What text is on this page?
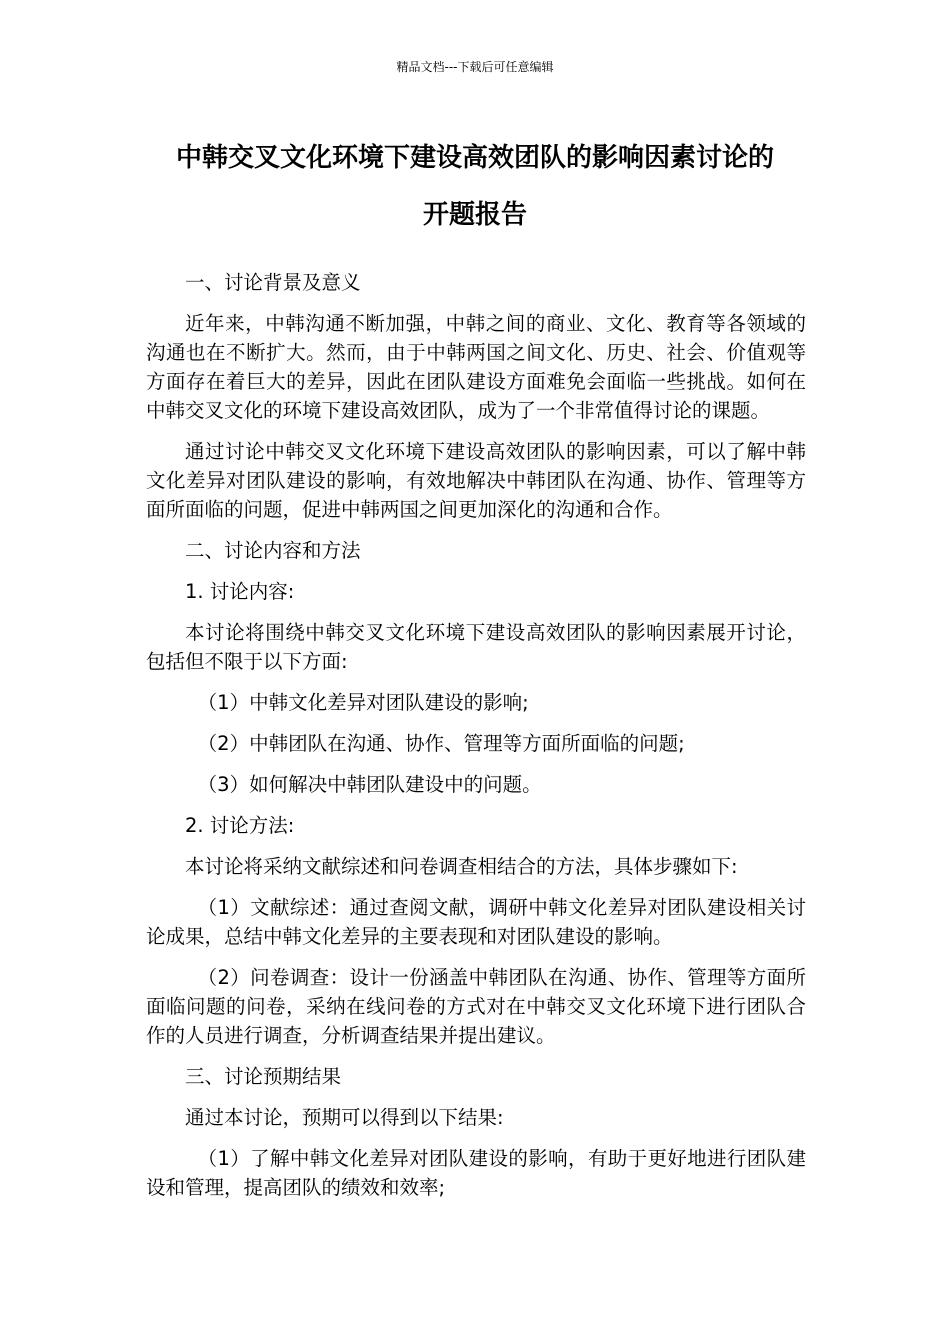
精品文档---下载后可任意编辑
中韩交叉文化环境下建设高效团队的影响因素讨论的
开题报告

一、讨论背景及意义

近年来，中韩沟通不断加强，中韩之间的商业、文化、教育等各领域的沟通也在不断扩大。然而，由于中韩两国之间文化、历史、社会、价值观等方面存在着巨大的差异，因此在团队建设方面难免会面临一些挑战。如何在中韩交叉文化的环境下建设高效团队，成为了一个非常值得讨论的课题。

通过讨论中韩交叉文化环境下建设高效团队的影响因素，可以了解中韩文化差异对团队建设的影响，有效地解决中韩团队在沟通、协作、管理等方面所面临的问题，促进中韩两国之间更加深化的沟通和合作。

二、讨论内容和方法

1. 讨论内容:

本讨论将围绕中韩交叉文化环境下建设高效团队的影响因素展开讨论，包括但不限于以下方面:

（1）中韩文化差异对团队建设的影响;

（2）中韩团队在沟通、协作、管理等方面所面临的问题;

（3）如何解决中韩团队建设中的问题。

2. 讨论方法:

本讨论将采纳文献综述和问卷调查相结合的方法，具体步骤如下:

（1）文献综述：通过查阅文献，调研中韩文化差异对团队建设相关讨论成果，总结中韩文化差异的主要表现和对团队建设的影响。

（2）问卷调查：设计一份涵盖中韩团队在沟通、协作、管理等方面所面临问题的问卷，采纳在线问卷的方式对在中韩交叉文化环境下进行团队合作的人员进行调查，分析调查结果并提出建议。

三、讨论预期结果

通过本讨论，预期可以得到以下结果:

（1）了解中韩文化差异对团队建设的影响，有助于更好地进行团队建设和管理，提高团队的绩效和效率;
